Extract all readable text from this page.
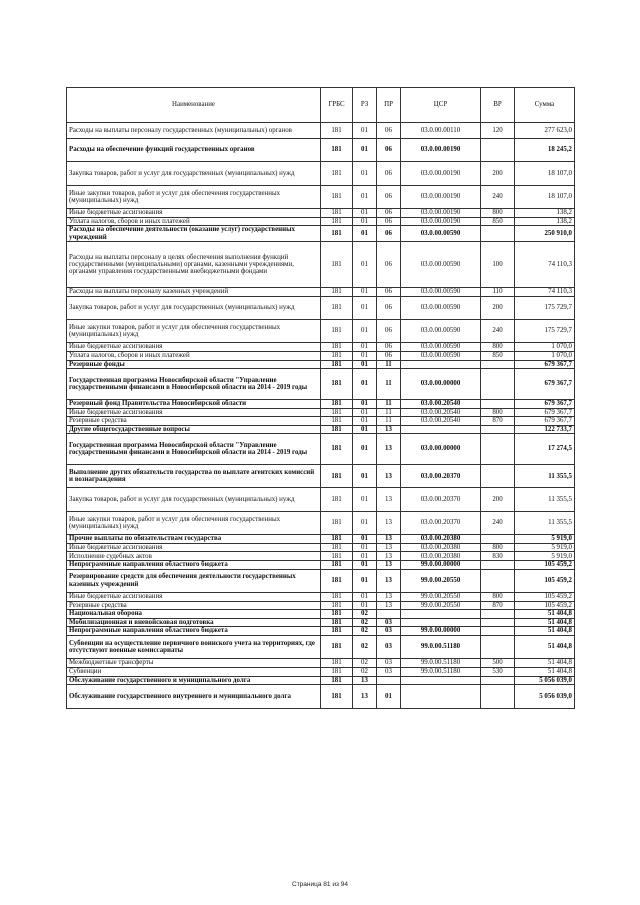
Наименование	ГРБС	РЗ	ПР	ЦСР	ВР	Сумма
Расходы на выплаты персоналу государственных (муниципальных) органов	181	01	06	03.0.00.00110	120	277 623,0
Расходы на обеспечение функций государственных органов	181	01	06	03.0.00.00190		18 245,2
Закупка товаров, работ и услуг для государственных (муниципальных) нужд	181	01	06	03.0.00.00190	200	18 107,0
Иные закупки товаров, работ и услуг для обеспечения государственных (муниципальных) нужд	181	01	06	03.0.00.00190	240	18 107,0
Иные бюджетные ассигнования	181	01	06	03.0.00.00190	800	138,2
Уплата налогов, сборов и иных платежей	181	01	06	03.0.00.00190	850	138,2
Расходы на обеспечение деятельности (оказание услуг) государственных учреждений	181	01	06	03.0.00.00590		250 910,0
Расходы на выплаты персоналу в целях обеспечения выполнения функций государственными (муниципальными) органами, казенными учреждениями, органами управления государственными внебюджетными фондами	181	01	06	03.0.00.00590	100	74 110,3
Расходы на выплаты персоналу казенных учреждений	181	01	06	03.0.00.00590	110	74 110,3
Закупка товаров, работ и услуг для государственных (муниципальных) нужд	181	01	06	03.0.00.00590	200	175 729,7
Иные закупки товаров, работ и услуг для обеспечения государственных (муниципальных) нужд	181	01	06	03.0.00.00590	240	175 729,7
Иные бюджетные ассигнования	181	01	06	03.0.00.00590	800	1 070,0
Уплата налогов, сборов и иных платежей	181	01	06	03.0.00.00590	850	1 070,0
Резервные фонды	181	01	11			679 367,7
Государственная программа Новосибирской области "Управление государственными финансами в Новосибирской области на 2014 - 2019 годы	181	01	11	03.0.00.00000		679 367,7
Резервный фонд Правительства Новосибирской области	181	01	11	03.0.00.20540		679 367,7
Иные бюджетные ассигнования	181	01	11	03.0.00.20540	800	679 367,7
Резервные средства	181	01	11	03.0.00.20540	870	679 367,7
Другие общегосударственные вопросы	181	01	13			122 733,7
Государственная программа Новосибирской области "Управление государственными финансами в Новосибирской области на 2014 - 2019 годы	181	01	13	03.0.00.00000		17 274,5
Выполнение других обязательств государства по выплате агентских комиссий и вознаграждения	181	01	13	03.0.00.20370		11 355,5
Закупка товаров, работ и услуг для государственных (муниципальных) нужд	181	01	13	03.0.00.20370	200	11 355,5
Иные закупки товаров, работ и услуг для обеспечения государственных (муниципальных) нужд	181	01	13	03.0.00.20370	240	11 355,5
Прочие выплаты по обязательствам государства	181	01	13	03.0.00.20380		5 919,0
Иные бюджетные ассигнования	181	01	13	03.0.00.20380	800	5 919,0
Исполнение судебных актов	181	01	13	03.0.00.20380	830	5 919,0
Непрограммные направления областного бюджета	181	01	13	99.0.00.00000		105 459,2
Резервирование средств для обеспечения деятельности государственных казенных учреждений	181	01	13	99.0.00.20550		105 459,2
Иные бюджетные ассигнования	181	01	13	99.0.00.20550	800	105 459,2
Резервные средства	181	01	13	99.0.00.20550	870	105 459,2
Национальная оборона	181	02				51 404,8
Мобилизационная и вневойсковая подготовка	181	02	03			51 404,8
Непрограммные направления областного бюджета	181	02	03	99.0.00.00000		51 404,8
Субвенции на осуществление первичного воинского учета на территориях, где отсутствуют военные комиссариаты	181	02	03	99.0.00.51180		51 404,8
Межбюджетные трансферты	181	02	03	99.0.00.51180	500	51 404,8
Субвенции	181	02	03	99.0.00.51180	530	51 404,8
Обслуживание государственного и муниципального долга	181	13				5 056 039,0
Обслуживание государственного внутреннего и муниципального долга	181	13	01			5 056 039,0
Страница 81 из 94
